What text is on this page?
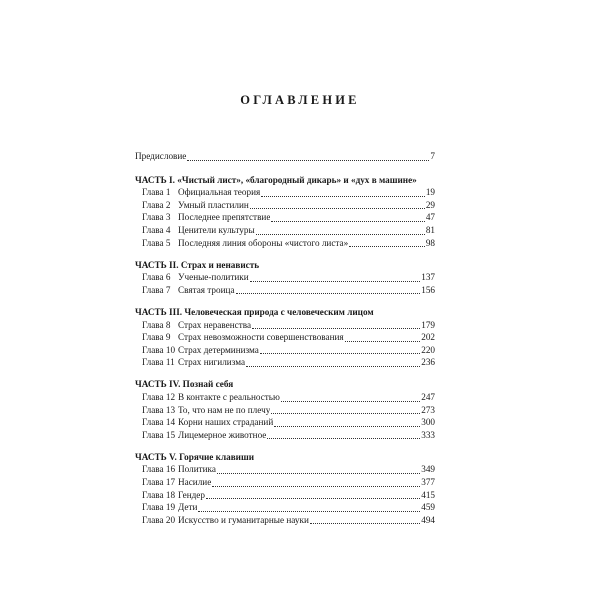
ОГЛАВЛЕНИЕ
Предисловие	7
ЧАСТЬ I. «Чистый лист», «благородный дикарь» и «дух в машине»
Глава 1 Официальная теория	19
Глава 2 Умный пластилин	29
Глава 3 Последнее препятствие	47
Глава 4 Ценители культуры	81
Глава 5 Последняя линия обороны «чистого листа»	98
ЧАСТЬ II. Страх и ненависть
Глава 6 Ученые-политики	137
Глава 7 Святая троица	156
ЧАСТЬ III. Человеческая природа с человеческим лицом
Глава 8 Страх неравенства	179
Глава 9 Страх невозможности совершенствования	202
Глава 10 Страх детерминизма	220
Глава 11 Страх нигилизма	236
ЧАСТЬ IV. Познай себя
Глава 12 В контакте с реальностью	247
Глава 13 То, что нам не по плечу	273
Глава 14 Корни наших страданий	300
Глава 15 Лицемерное животное	333
ЧАСТЬ V. Горячие клавиши
Глава 16 Политика	349
Глава 17 Насилие	377
Глава 18 Гендер	415
Глава 19 Дети	459
Глава 20 Искусство и гуманитарные науки	494
